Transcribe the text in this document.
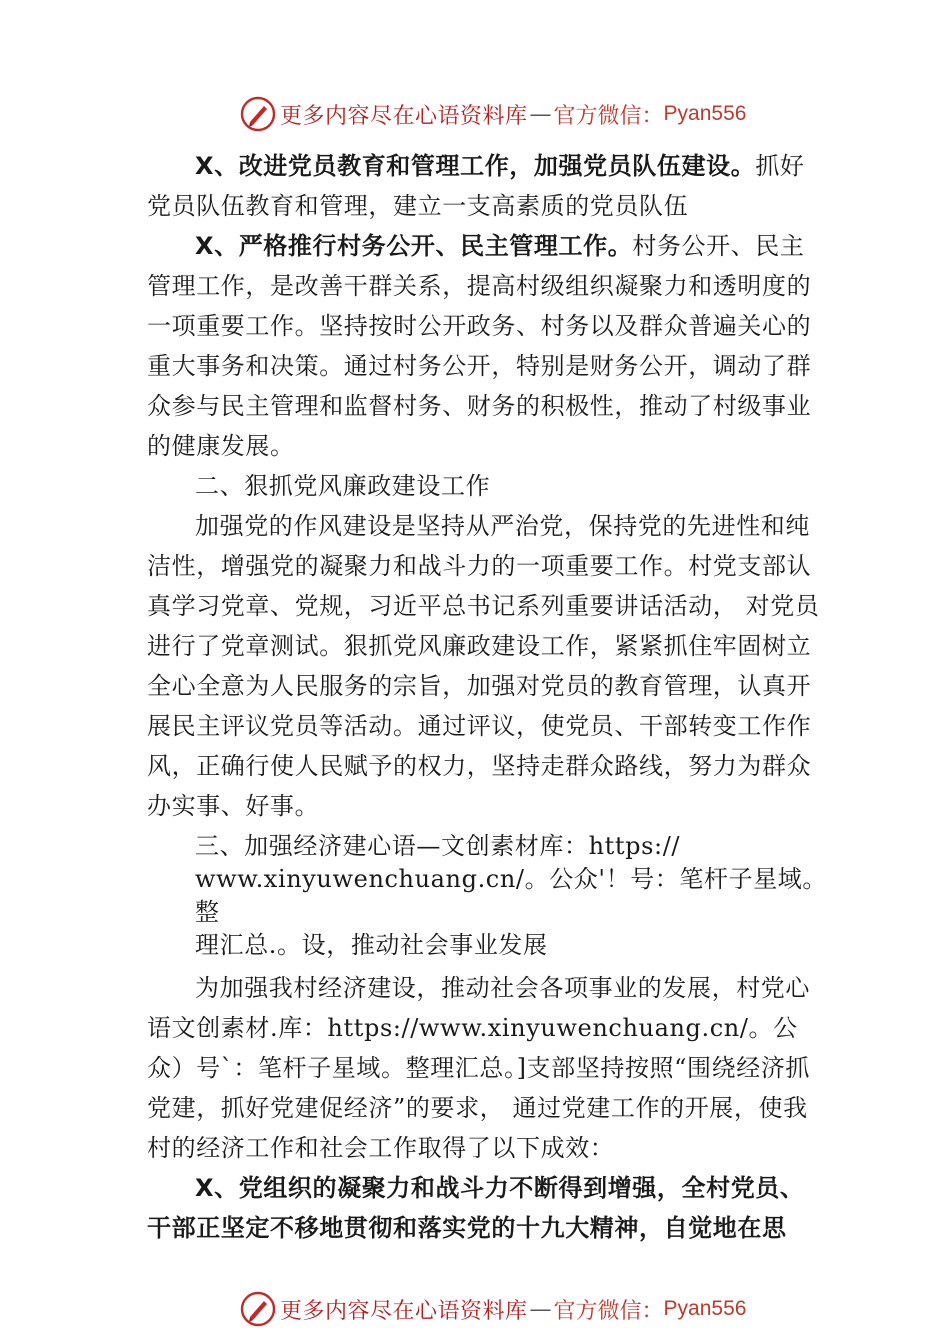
更多内容尽在心语资料库 — 官方微信： Pyan556

X、改进党员教育和管理工作，加强党员队伍建设。抓好党员队伍教育和管理，建立一支高素质的党员队伍

X、严格推行村务公开、民主管理工作。村务公开、民主 管理工作，是改善干群关系，提高村级组织凝聚力和透明度的一项重要工作。坚持按时公开政务、村务以及群众普遍关心的重大事务和决策。通过村务公开，特别是财务公开，调动了群众参与民主管理和监督村务、财务的积极性，推动了村级事业的健康发展。

二、狠抓党风廉政建设工作

加强党的作风建设是坚持从严治党，保持党的先进性和纯洁性，增强党的凝聚力和战斗力的一项重要工作。村党支部认真学习党章、党规，习近平总书记系列重要讲话活动， 对党员进行了党章测试。狠抓党风廉政建设工作，紧紧抓住牢固树立全心全意为人民服务的宗旨，加强对党员的教育管理，认真开展民主评议党员等活动。通过评议，使党员、干部转变工作作风，正确行使人民赋予的权力，坚持走群众路线，努力为群众办实事、好事。

三、加强经济建心语—文创素材库：https://
www.xinyuwenchuang.cn/。公众'！号：笔杆子星域。整
理汇总.。设，推动社会事业发展

为加强我村经济建设，推动社会各项事业的发展，村党心语文创素材.库：https://www.xinyuwenchuang.cn/。公众）号`：笔杆子星域。整理汇总。]支部坚持按照“围绕经济抓党建，抓好党建促经济”的要求， 通过党建工作的开展，使我村的经济工作和社会工作取得了以下成效：

X、党组织的凝聚力和战斗力不断得到增强，全村党员、 干部正坚定不移地贯彻和落实党的十九大精神，自觉地在思

更多内容尽在心语资料库 — 官方微信： Pyan556
